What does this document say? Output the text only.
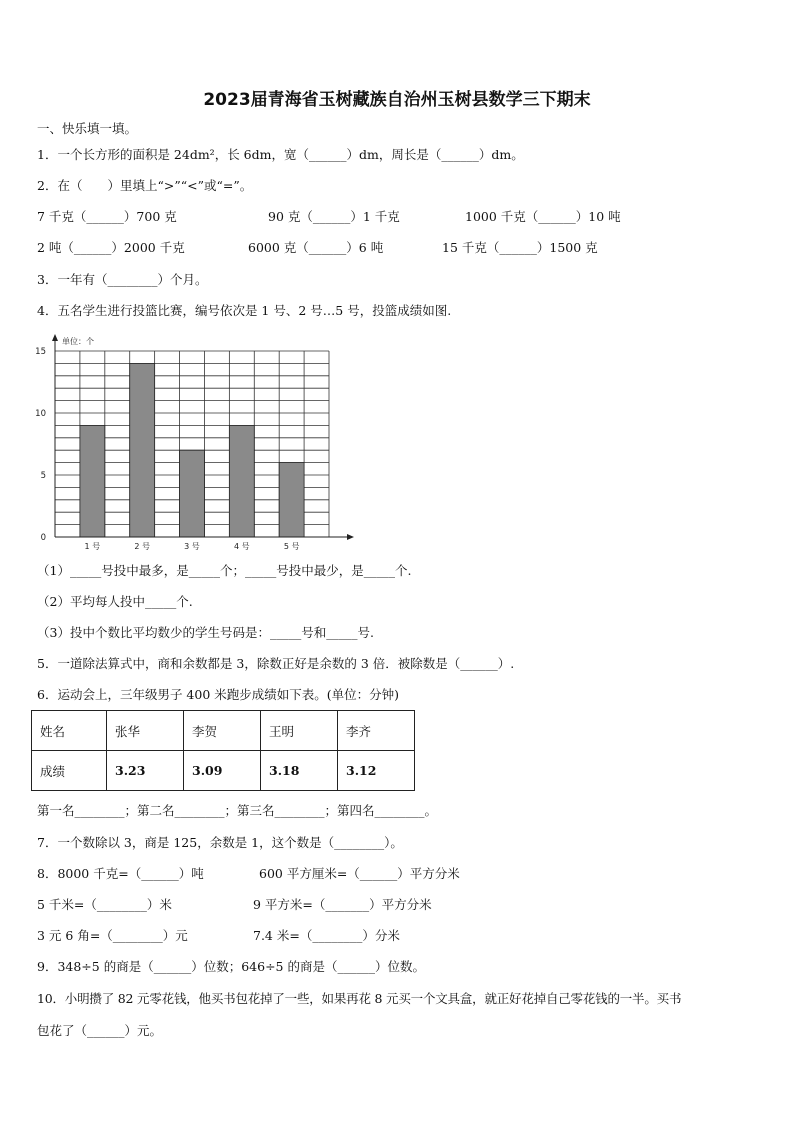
2023届青海省玉树藏族自治州玉树县数学三下期末
一、快乐填一填。
1．一个长方形的面积是 24dm²，长 6dm，宽（______）dm，周长是（______）dm。
2．在（　　）里填上“>”“<”或“=”。
7 千克（______）700 克	90 克（______）1 千克	1000 千克（______）10 吨
2 吨（______）2000 千克	6000 克（______）6 吨	15 千克（______）1500 克
3．一年有（________）个月。
4．五名学生进行投篮比赛，编号依次是 1 号、2 号…5 号，投篮成绩如图.
1 号	2 号	3 号	4 号	5 号
0
5
10
15
单位：个
（1）_____号投中最多，是_____个；_____号投中最少，是_____个.
（2）平均每人投中_____个.
（3）投中个数比平均数少的学生号码是：_____号和_____号.
5．一道除法算式中，商和余数都是 3，除数正好是余数的 3 倍．被除数是（______）.
6．运动会上，三年级男子 400 米跑步成绩如下表。(单位：分钟)
姓名	张华	李贺	王明	李齐
成绩	3.23	3.09	3.18	3.12
第一名________；第二名________；第三名________；第四名________。
7．一个数除以 3，商是 125，余数是 1，这个数是（________）。
8．8000 千克=（______）吨	600 平方厘米=（______）平方分米
5 千米=（________）米	9 平方米=（_______）平方分米
3 元 6 角=（________）元	7.4 米=（________）分米
9．348÷5 的商是（______）位数；646÷5 的商是（______）位数。
10．小明攒了 82 元零花钱，他买书包花掉了一些，如果再花 8 元买一个文具盒，就正好花掉自己零花钱的一半。买书
包花了（______）元。
